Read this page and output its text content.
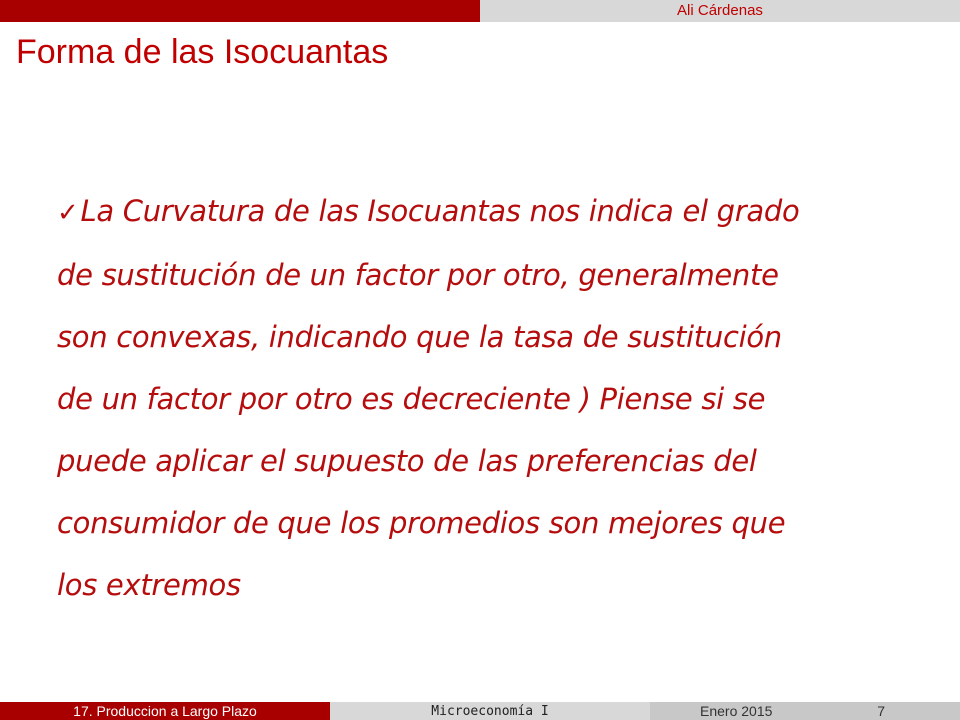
Ali Cárdenas
Forma de las Isocuantas

✓La Curvatura de las Isocuantas nos indica el grado
de sustitución de un factor por otro, generalmente
son convexas, indicando que la tasa de sustitución
de un factor por otro es decreciente ) Piense si se
puede aplicar el supuesto de las preferencias del
consumidor de que los promedios son mejores que
los extremos

17. Produccion a Largo Plazo	Microeconomía I	Enero 2015	7
